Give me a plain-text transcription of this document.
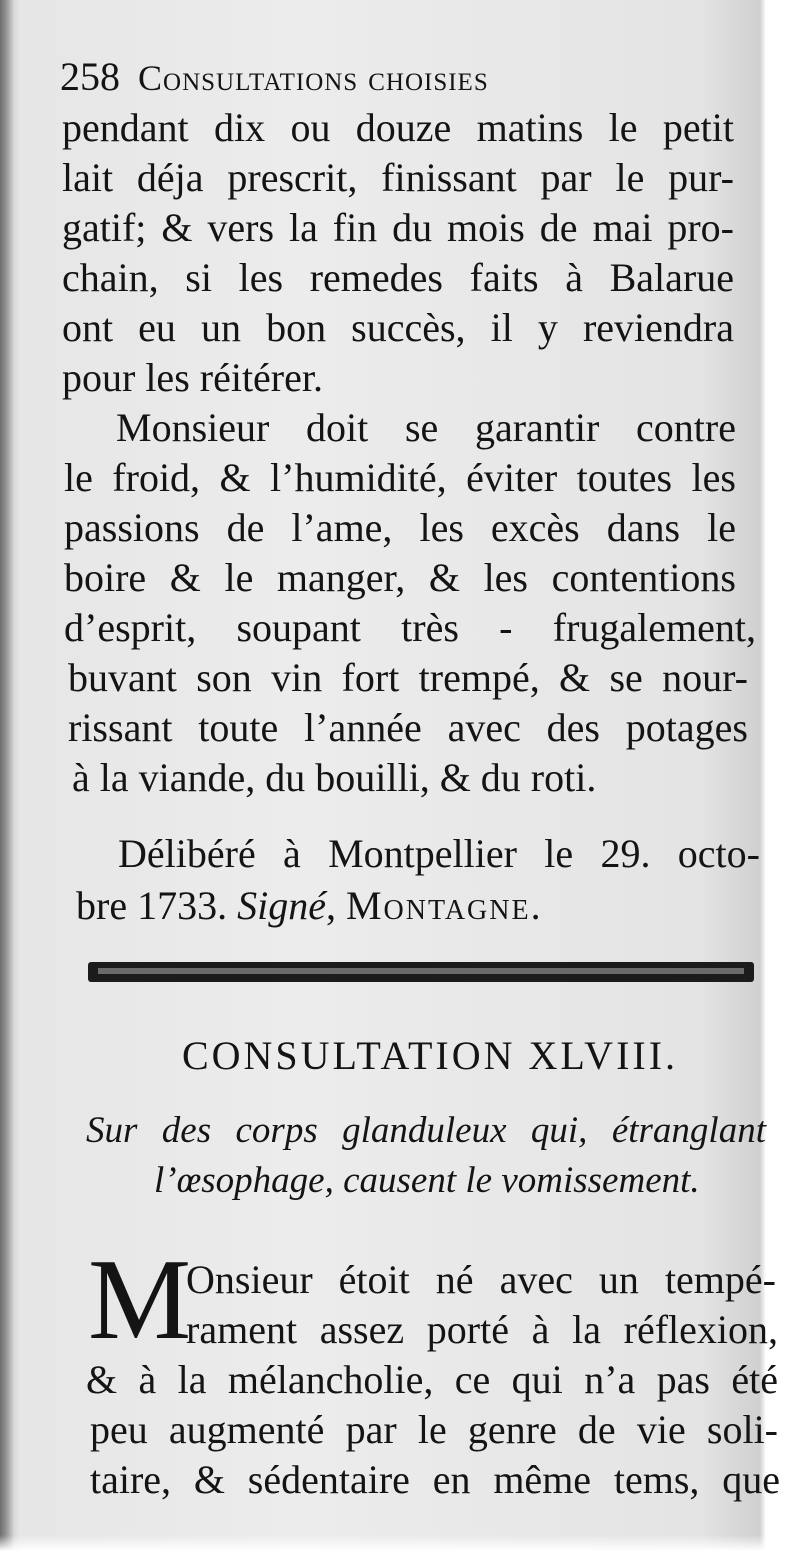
258 Consultations choisies
pendant dix ou douze matins le petit
lait déja prescrit, finissant par le pur-
gatif; & vers la fin du mois de mai pro-
chain, si les remedes faits à Balarue
ont eu un bon succès, il y reviendra
pour les réitérer.
Monsieur doit se garantir contre
le froid, & l’humidité, éviter toutes les
passions de l’ame, les excès dans le
boire & le manger, & les contentions
d’esprit, soupant très - frugalement,
buvant son vin fort trempé, & se nour-
rissant toute l’année avec des potages
à la viande, du bouilli, & du roti.
Délibéré à Montpellier le 29. octo-
bre 1733. Signé, Montagne.
CONSULTATION XLVIII.
Sur des corps glanduleux qui, étranglant
l’œsophage, causent le vomissement.
M
Onsieur étoit né avec un tempé-
rament assez porté à la réflexion,
& à la mélancholie, ce qui n’a pas été
peu augmenté par le genre de vie soli-
taire, & sédentaire en même tems, que
